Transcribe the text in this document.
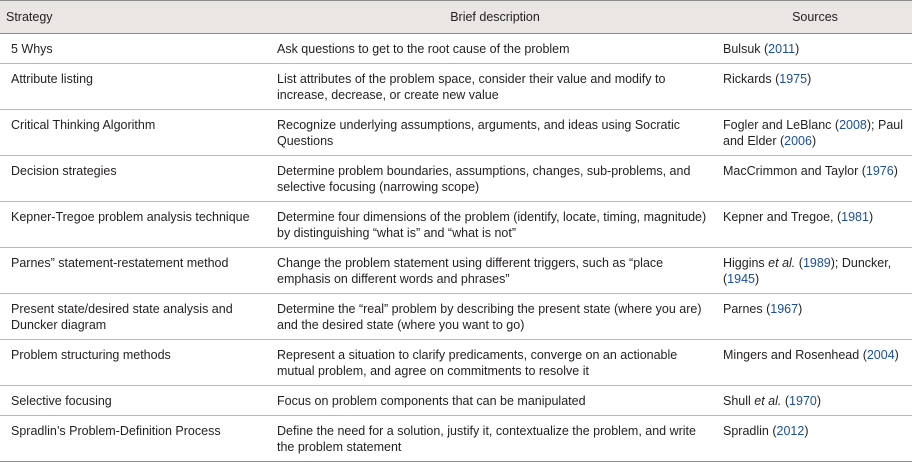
Strategy	Brief description	Sources
5 Whys	Ask questions to get to the root cause of the problem	Bulsuk (2011)
Attribute listing	List attributes of the problem space, consider their value and modify to increase, decrease, or create new value	Rickards (1975)
Critical Thinking Algorithm	Recognize underlying assumptions, arguments, and ideas using Socratic Questions	Fogler and LeBlanc (2008); Paul and Elder (2006)
Decision strategies	Determine problem boundaries, assumptions, changes, sub-problems, and selective focusing (narrowing scope)	MacCrimmon and Taylor (1976)
Kepner-Tregoe problem analysis technique	Determine four dimensions of the problem (identify, locate, timing, magnitude) by distinguishing “what is” and “what is not”	Kepner and Tregoe, (1981)
Parnes” statement-restatement method	Change the problem statement using different triggers, such as “place emphasis on different words and phrases”	Higgins et al. (1989); Duncker, (1945)
Present state/desired state analysis and Duncker diagram	Determine the “real” problem by describing the present state (where you are) and the desired state (where you want to go)	Parnes (1967)
Problem structuring methods	Represent a situation to clarify predicaments, converge on an actionable mutual problem, and agree on commitments to resolve it	Mingers and Rosenhead (2004)
Selective focusing	Focus on problem components that can be manipulated	Shull et al. (1970)
Spradlin’s Problem-Definition Process	Define the need for a solution, justify it, contextualize the problem, and write the problem statement	Spradlin (2012)
